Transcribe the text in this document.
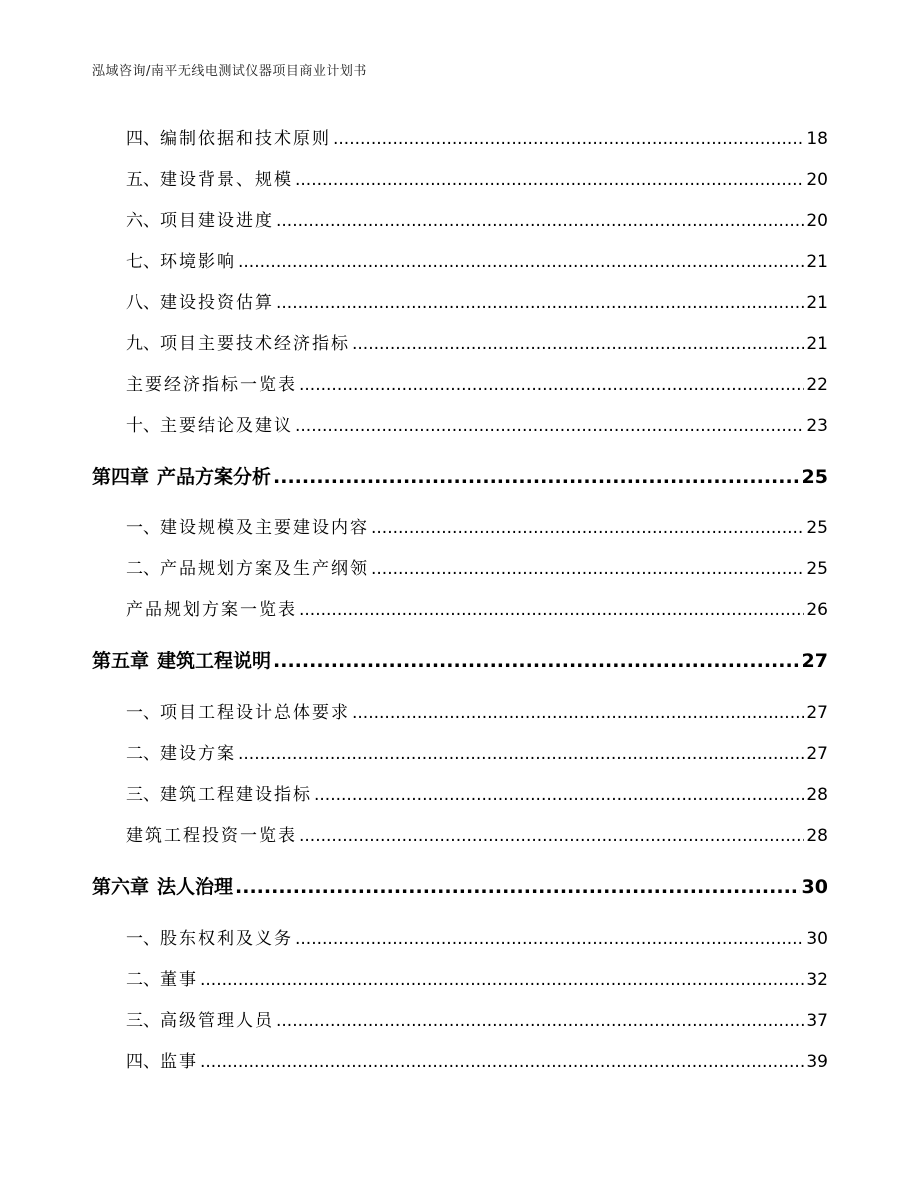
泓域咨询/南平无线电测试仪器项目商业计划书
四、 编制依据和技术原则 .....	18
五、 建设背景、规模 .....	20
六、 项目建设进度 .....	20
七、 环境影响 .....	21
八、 建设投资估算 .....	21
九、 项目主要技术经济指标 .....	21
主要经济指标一览表 .....	22
十、 主要结论及建议 .....	23
第四章 产品方案分析 .....	25
一、 建设规模及主要建设内容 .....	25
二、 产品规划方案及生产纲领 .....	25
产品规划方案一览表 .....	26
第五章 建筑工程说明 .....	27
一、 项目工程设计总体要求 .....	27
二、 建设方案 .....	27
三、 建筑工程建设指标 .....	28
建筑工程投资一览表 .....	28
第六章 法人治理 .....	30
一、 股东权利及义务 .....	30
二、 董事 .....	32
三、 高级管理人员 .....	37
四、 监事 .....	39
